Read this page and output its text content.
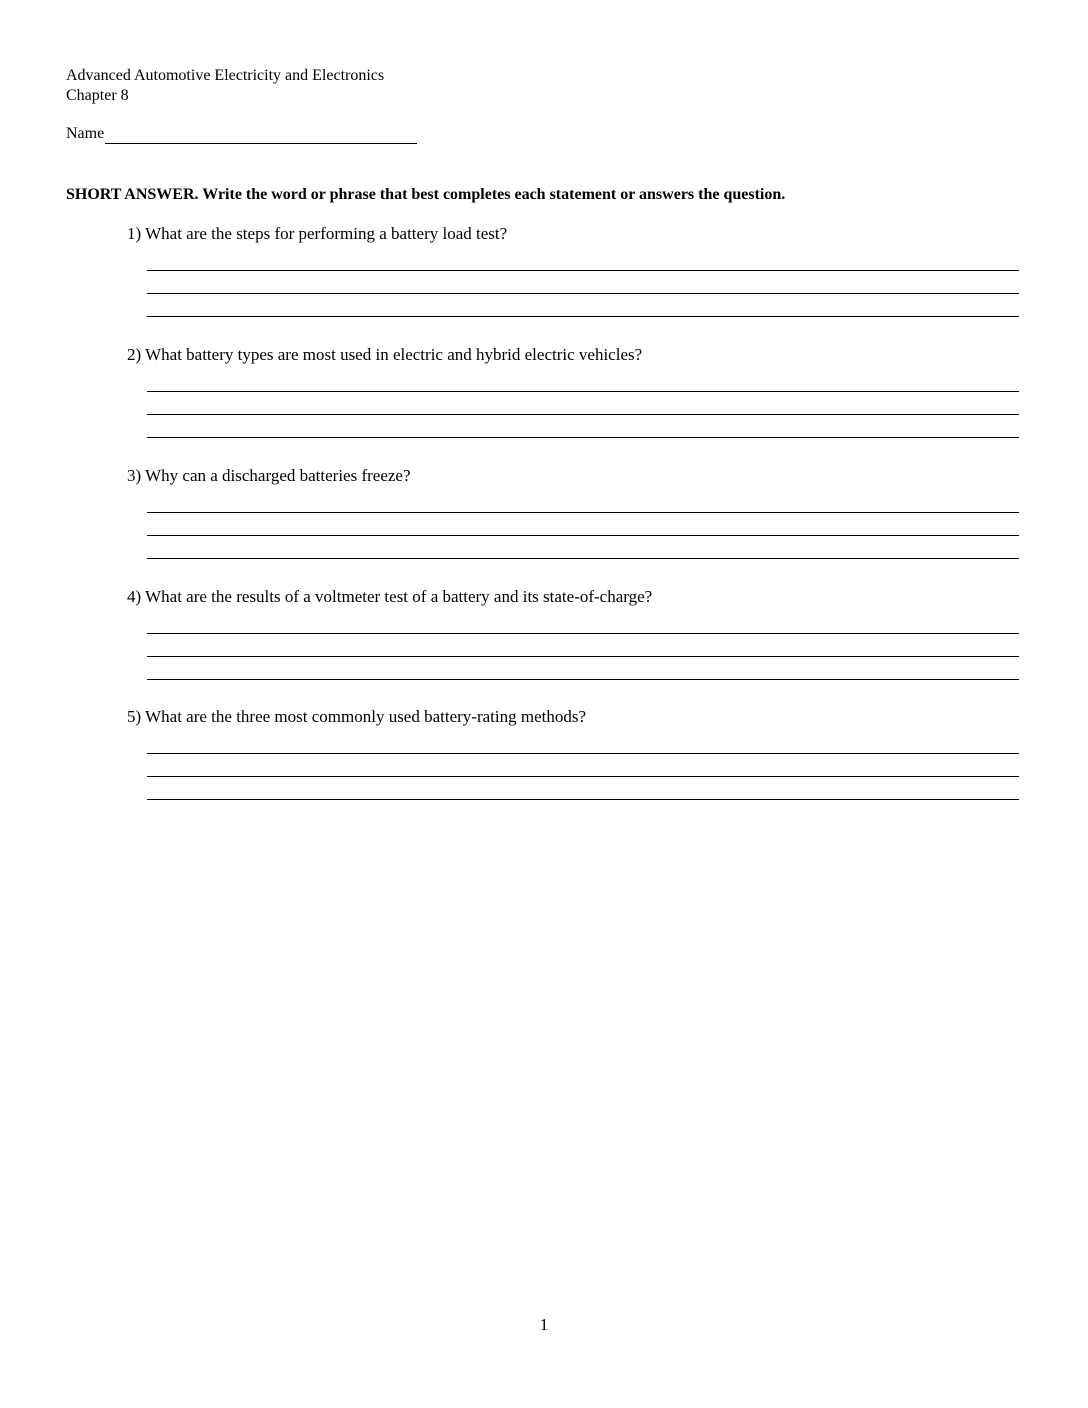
Advanced Automotive Electricity and Electronics
Chapter 8
Name
SHORT ANSWER. Write the word or phrase that best completes each statement or answers the question.
1) What are the steps for performing a battery load test?
2) What battery types are most used in electric and hybrid electric vehicles?
3) Why can a discharged batteries freeze?
4) What are the results of a voltmeter test of a battery and its state-of-charge?
5) What are the three most commonly used battery-rating methods?
1
